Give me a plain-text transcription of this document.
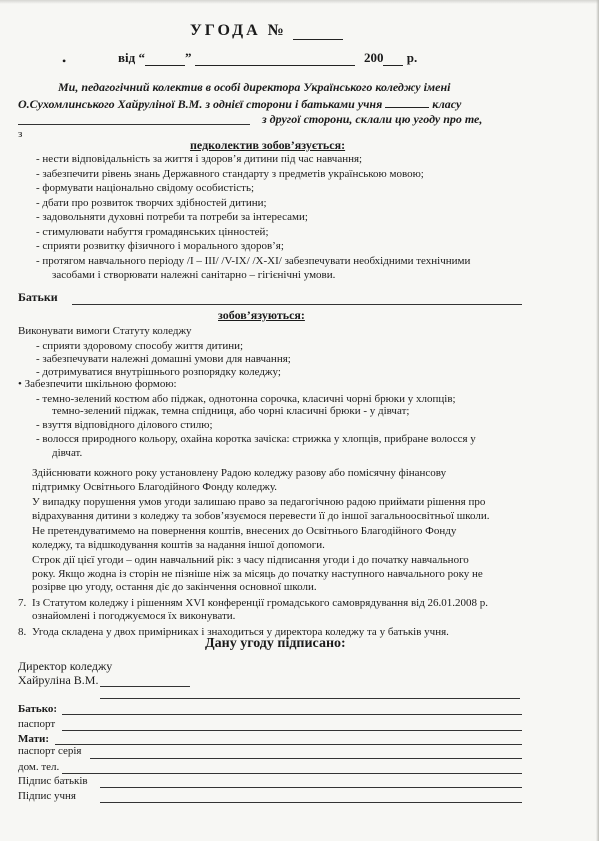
УГОДА №
•	від “	”	200 р.
Ми, педагогічний колектив в особі директора Українського коледжу імені
О.Сухомлинського Хайруліної В.М. з однієї сторони і батьками учня	класу
з другої сторони, склали цю угоду про те,
з
педколектив зобов’язується:
- нести відповідальність за життя і здоров’я дитини під час навчання;
- забезпечити рівень знань Державного стандарту з предметів українською мовою;
- формувати національно свідому особистість;
- дбати про розвиток творчих здібностей дитини;
- задовольняти духовні потреби та потреби за інтересами;
- стимулювати набуття громадянських цінностей;
- сприяти розвитку фізичного і морального здоров’я;
- протягом навчального періоду /I – III/ /V-IX/ /X-XI/ забезпечувати необхідними технічними
засобами і створювати належні санітарно – гігієнічні умови.
Батьки
зобов’язуються:
Виконувати вимоги Статуту коледжу
- сприяти здоровому способу життя дитини;
- забезпечувати належні домашні умови для навчання;
- дотримуватися внутрішнього розпорядку коледжу;
• Забезпечити шкільною формою:
- темно-зелений костюм або піджак, однотонна сорочка, класичні чорні брюки у хлопців;
темно-зелений піджак, темна спідниця, або чорні класичні брюки - у дівчат;
- взуття відповідного ділового стилю;
- волосся природного кольору, охайна коротка зачіска: стрижка у хлопців, прибране волосся у
дівчат.
Здійснювати кожного року установлену Радою коледжу разову або помісячну фінансову
підтримку Освітнього Благодійного Фонду коледжу.
У випадку порушення умов угоди залишаю право за педагогічною радою приймати рішення про
відрахування дитини з коледжу та зобов’язуємося перевести її до іншої загальноосвітньої школи.
Не претендуватимемо на повернення коштів, внесених до Освітнього Благодійного Фонду
коледжу, та відшкодування коштів за надання іншої допомоги.
Строк дії цієї угоди – один навчальний рік: з часу підписання угоди і до початку навчального
року. Якщо жодна із сторін не пізніше ніж за місяць до початку наступного навчального року не
розірве цю угоду, остання діє до закінчення основної школи.
7. Із Статутом коледжу і рішенням XVI конференції громадського самоврядування від 26.01.2008 р.
ознайомлені і погоджуємося їх виконувати.
8. Угода складена у двох примірниках і знаходиться у директора коледжу та у батьків учня.
Дану угоду підписано:
Директор коледжу
Хайруліна В.М.
Батько:
паспорт
Мати:
паспорт серія
дом. тел.
Підпис батьків
Підпис учня
